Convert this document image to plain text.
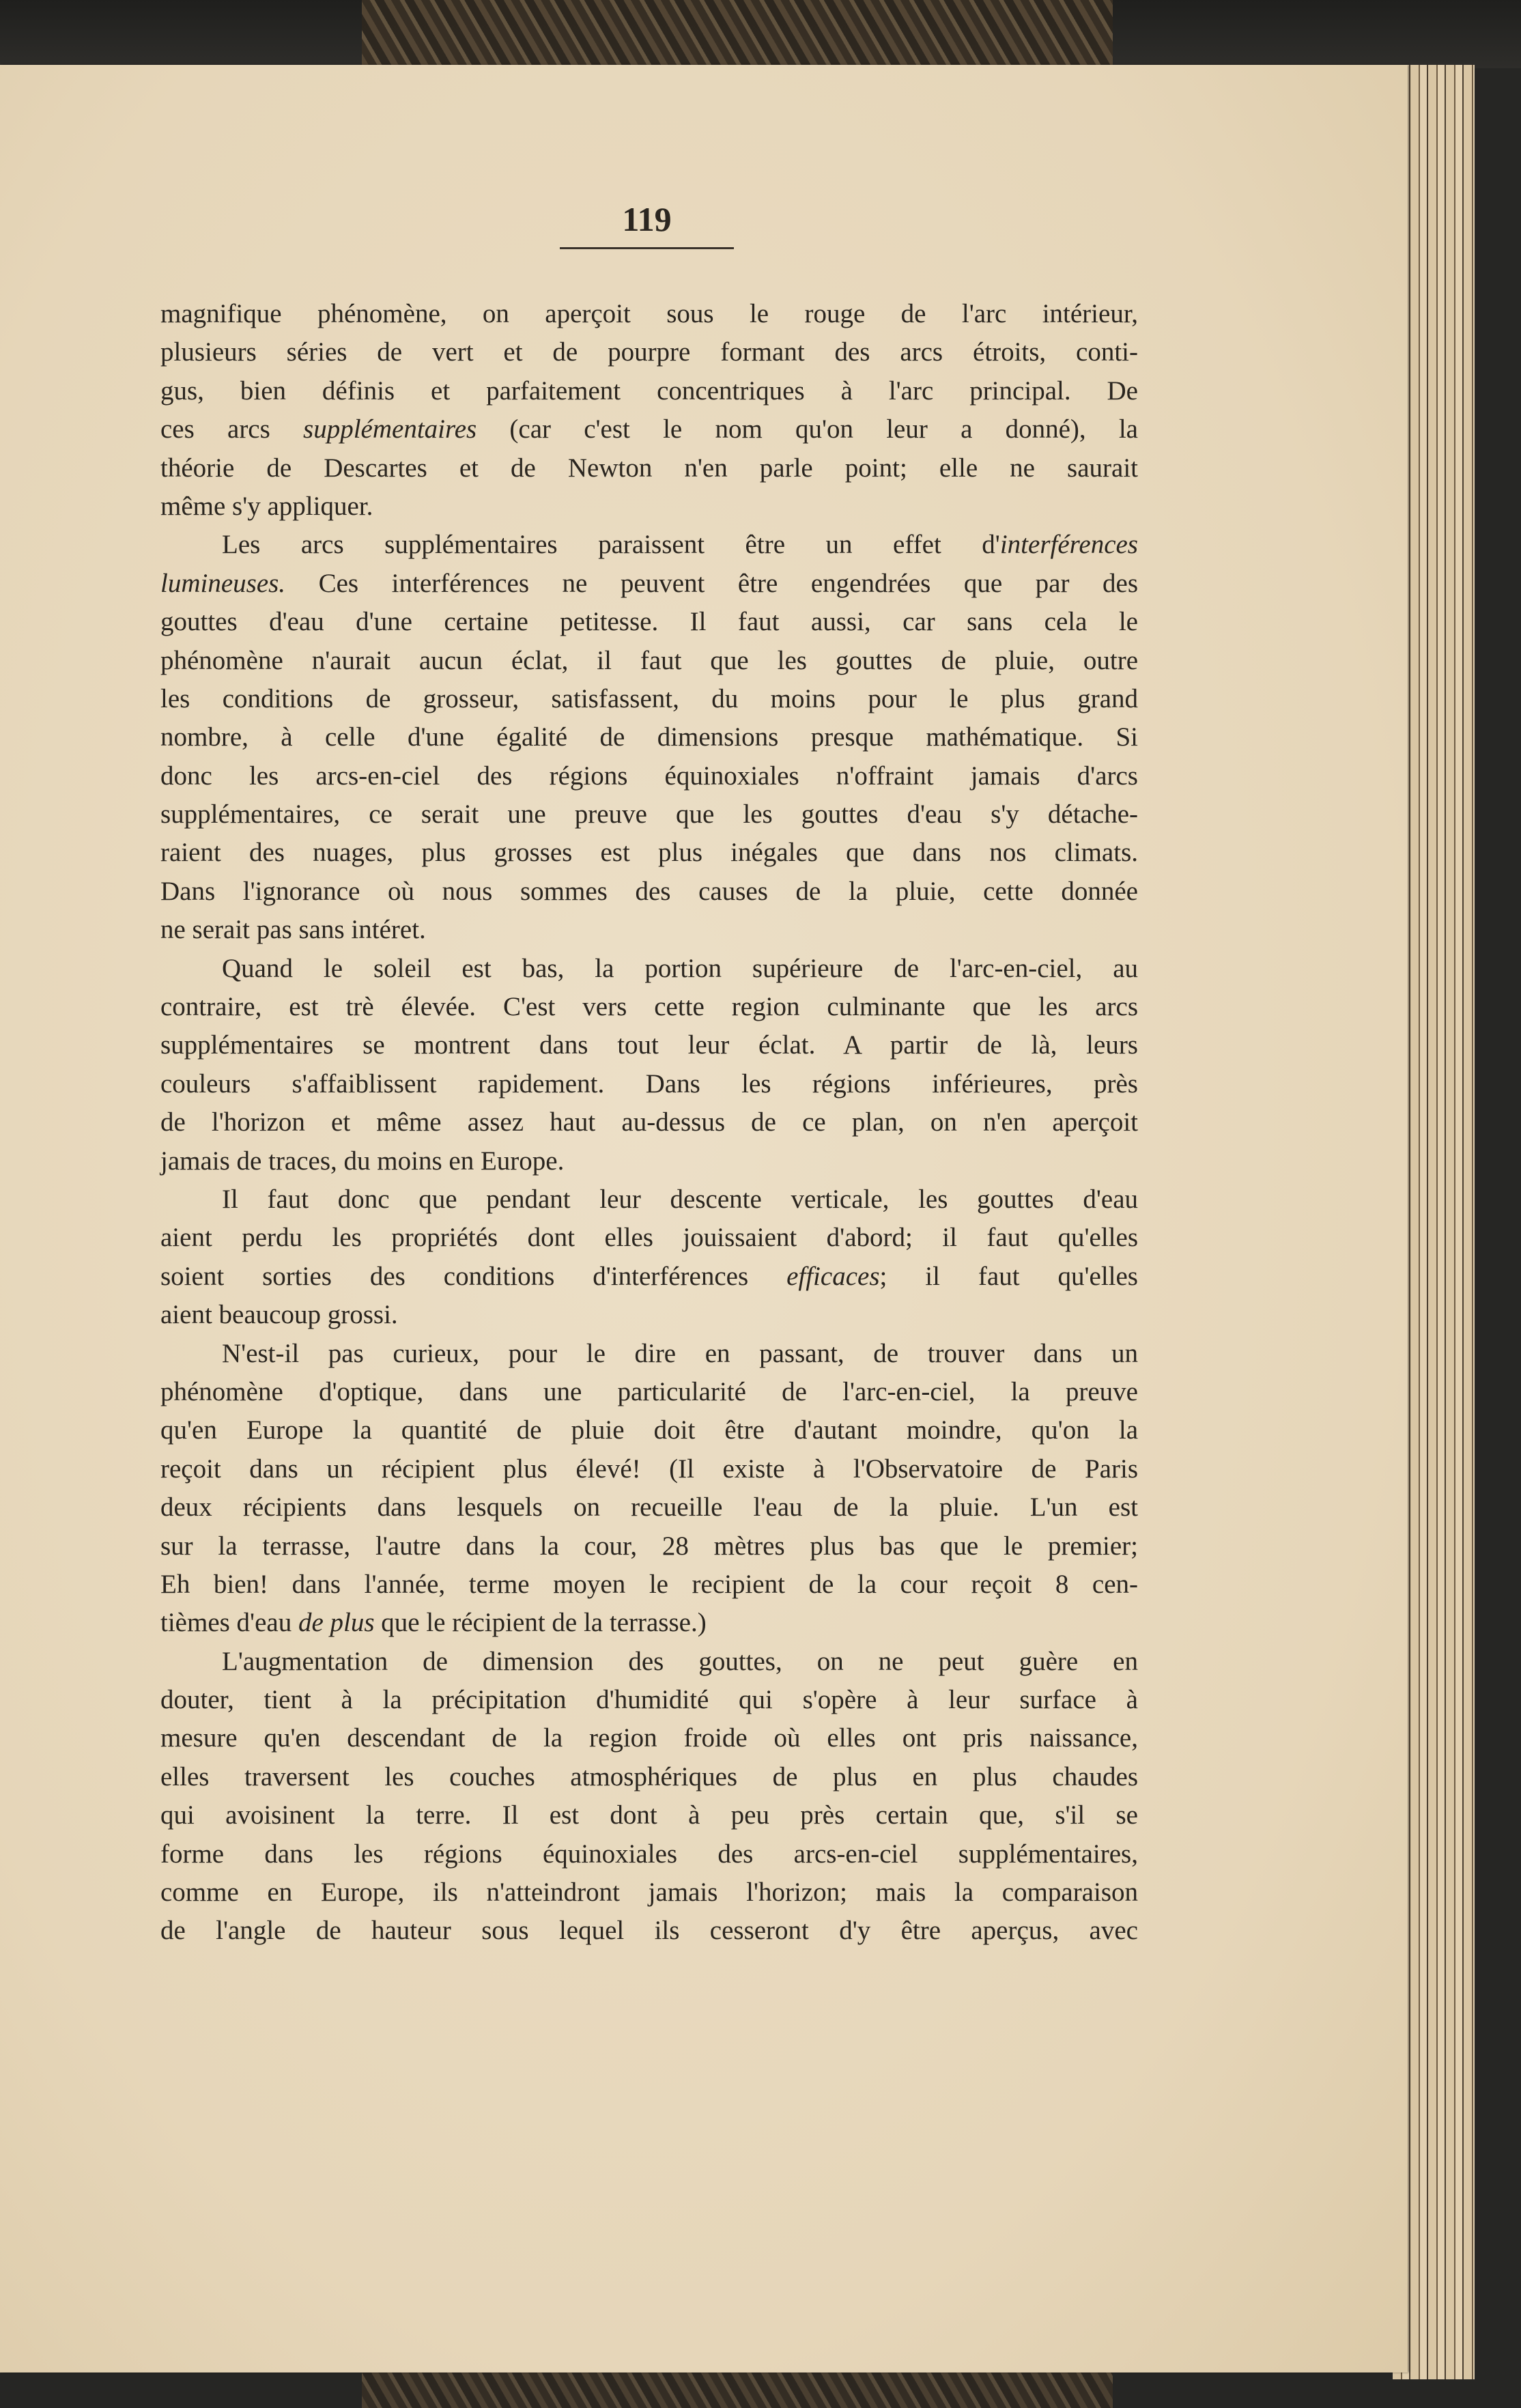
119
magnifique phénomène, on aperçoit sous le rouge de l'arc intérieur,
plusieurs séries de vert et de pourpre formant des arcs étroits, conti-
gus, bien définis et parfaitement concentriques à l'arc principal. De
ces arcs supplémentaires (car c'est le nom qu'on leur a donné), la
théorie de Descartes et de Newton n'en parle point; elle ne saurait
même s'y appliquer.
Les arcs supplémentaires paraissent être un effet d'interférences
lumineuses. Ces interférences ne peuvent être engendrées que par des
gouttes d'eau d'une certaine petitesse. Il faut aussi, car sans cela le
phénomène n'aurait aucun éclat, il faut que les gouttes de pluie, outre
les conditions de grosseur, satisfassent, du moins pour le plus grand
nombre, à celle d'une égalité de dimensions presque mathématique. Si
donc les arcs-en-ciel des régions équinoxiales n'offraint jamais d'arcs
supplémentaires, ce serait une preuve que les gouttes d'eau s'y détache-
raient des nuages, plus grosses est plus inégales que dans nos climats.
Dans l'ignorance où nous sommes des causes de la pluie, cette donnée
ne serait pas sans intéret.
Quand le soleil est bas, la portion supérieure de l'arc-en-ciel, au
contraire, est trè élevée. C'est vers cette region culminante que les arcs
supplémentaires se montrent dans tout leur éclat. A partir de là, leurs
couleurs s'affaiblissent rapidement. Dans les régions inférieures, près
de l'horizon et même assez haut au-dessus de ce plan, on n'en aperçoit
jamais de traces, du moins en Europe.
Il faut donc que pendant leur descente verticale, les gouttes d'eau
aient perdu les propriétés dont elles jouissaient d'abord; il faut qu'elles
soient sorties des conditions d'interférences efficaces; il faut qu'elles
aient beaucoup grossi.
N'est-il pas curieux, pour le dire en passant, de trouver dans un
phénomène d'optique, dans une particularité de l'arc-en-ciel, la preuve
qu'en Europe la quantité de pluie doit être d'autant moindre, qu'on la
reçoit dans un récipient plus élevé! (Il existe à l'Observatoire de Paris
deux récipients dans lesquels on recueille l'eau de la pluie. L'un est
sur la terrasse, l'autre dans la cour, 28 mètres plus bas que le premier;
Eh bien! dans l'année, terme moyen le recipient de la cour reçoit 8 cen-
tièmes d'eau de plus que le récipient de la terrasse.)
L'augmentation de dimension des gouttes, on ne peut guère en
douter, tient à la précipitation d'humidité qui s'opère à leur surface à
mesure qu'en descendant de la region froide où elles ont pris naissance,
elles traversent les couches atmosphériques de plus en plus chaudes
qui avoisinent la terre. Il est dont à peu près certain que, s'il se
forme dans les régions équinoxiales des arcs-en-ciel supplémentaires,
comme en Europe, ils n'atteindront jamais l'horizon; mais la comparaison
de l'angle de hauteur sous lequel ils cesseront d'y être aperçus, avec
